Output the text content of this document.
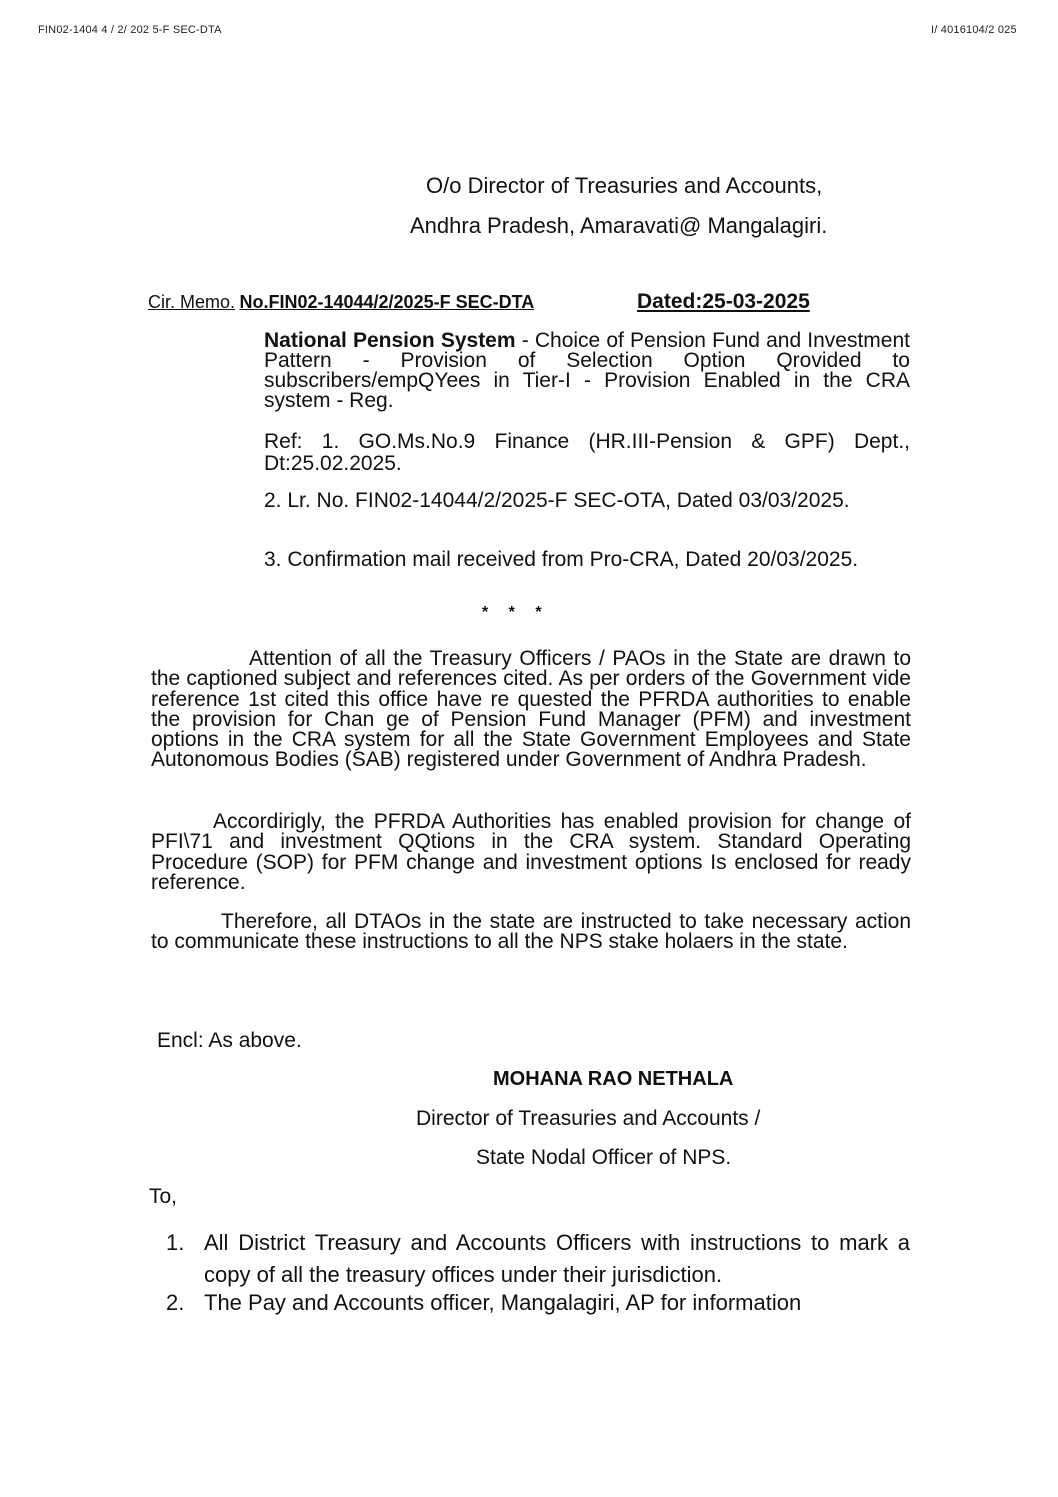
FIN02-1404 4 / 2/ 202 5-F SEC-DTA	I/ 4016104/2 025
O/o Director of Treasuries and Accounts,
Andhra Pradesh, Amaravati@ Mangalagiri.
Cir. Memo. No.FIN02-14044/2/2025-F SEC-DTA	Dated:25-03-2025

National Pension System - Choice of Pension Fund and Investment Pattern - Provision of Selection Option Qrovided to subscribers/empQYees in Tier-I - Provision Enabled in the CRA system - Reg.

Ref: 1. GO.Ms.No.9 Finance (HR.III-Pension & GPF) Dept., Dt:25.02.2025.

2. Lr. No. FIN02-14044/2/2025-F SEC-OTA, Dated 03/03/2025.

3. Confirmation mail received from Pro-CRA, Dated 20/03/2025.

* * *

Attention of all the Treasury Officers / PAOs in the State are drawn to the captioned subject and references cited. As per orders of the Government vide reference 1st cited this office have re quested the PFRDA authorities to enable the provision for Chan ge of Pension Fund Manager (PFM) and investment options in the CRA system for all the State Government Employees and State Autonomous Bodies (SAB) registered under Government of Andhra Pradesh.

Accordirigly, the PFRDA Authorities has enabled provision for change of PFI\71 and investment QQtions in the CRA system. Standard Operating Procedure (SOP) for PFM change and investment options Is enclosed for ready reference.

Therefore, all DTAOs in the state are instructed to take necessary action to communicate these instructions to all the NPS stake holaers in the state.

Encl: As above.
MOHANA RAO NETHALA
Director of Treasuries and Accounts /
State Nodal Officer of NPS.
To,
1. All District Treasury and Accounts Officers with instructions to mark a copy of all the treasury offices under their jurisdiction.
2. The Pay and Accounts officer, Mangalagiri, AP for information
